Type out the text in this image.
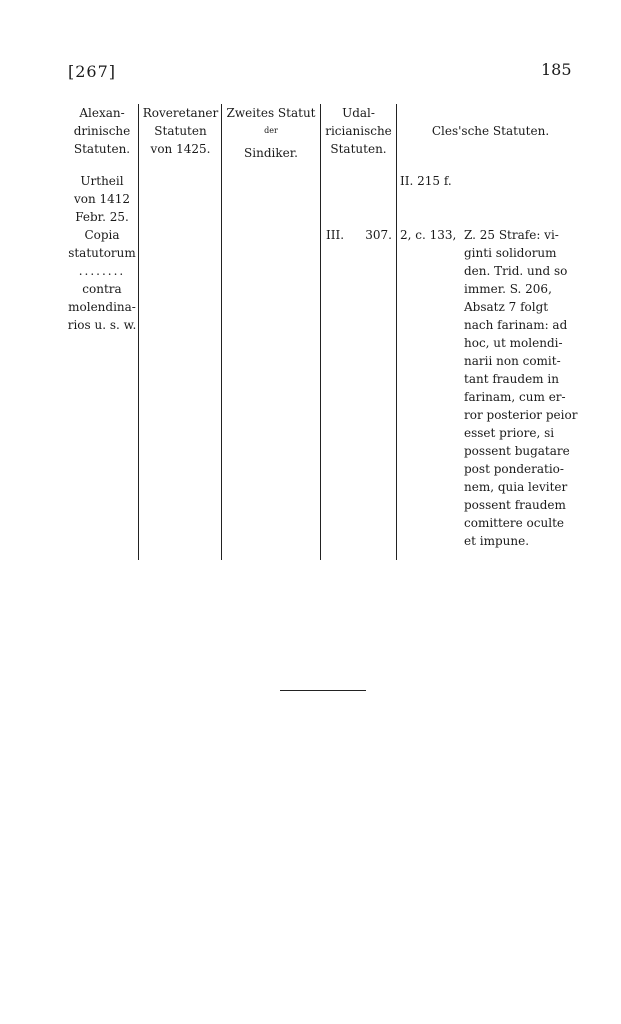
[267]	185
Alexan-
drinische
Statuten.
Roveretaner
Statuten
von 1425.
Zweites Statut
der
Sindiker.
Udal-
ricianische
Statuten.
Cles'sche Statuten.
Urtheil
von 1412
Febr. 25.
Copia
statutorum
........
contra
molendina-
rios u. s. w.
III.	307.
II. 215 f.
2, c. 133, Z. 25 Strafe: vi-
ginti solidorum
den. Trid. und so
immer. S. 206,
Absatz 7 folgt
nach farinam: ad
hoc, ut molendi-
narii non comit-
tant fraudem in
farinam, cum er-
ror posterior peior
esset priore, si
possent bugatare
post ponderatio-
nem, quia leviter
possent fraudem
comittere oculte
et impune.
